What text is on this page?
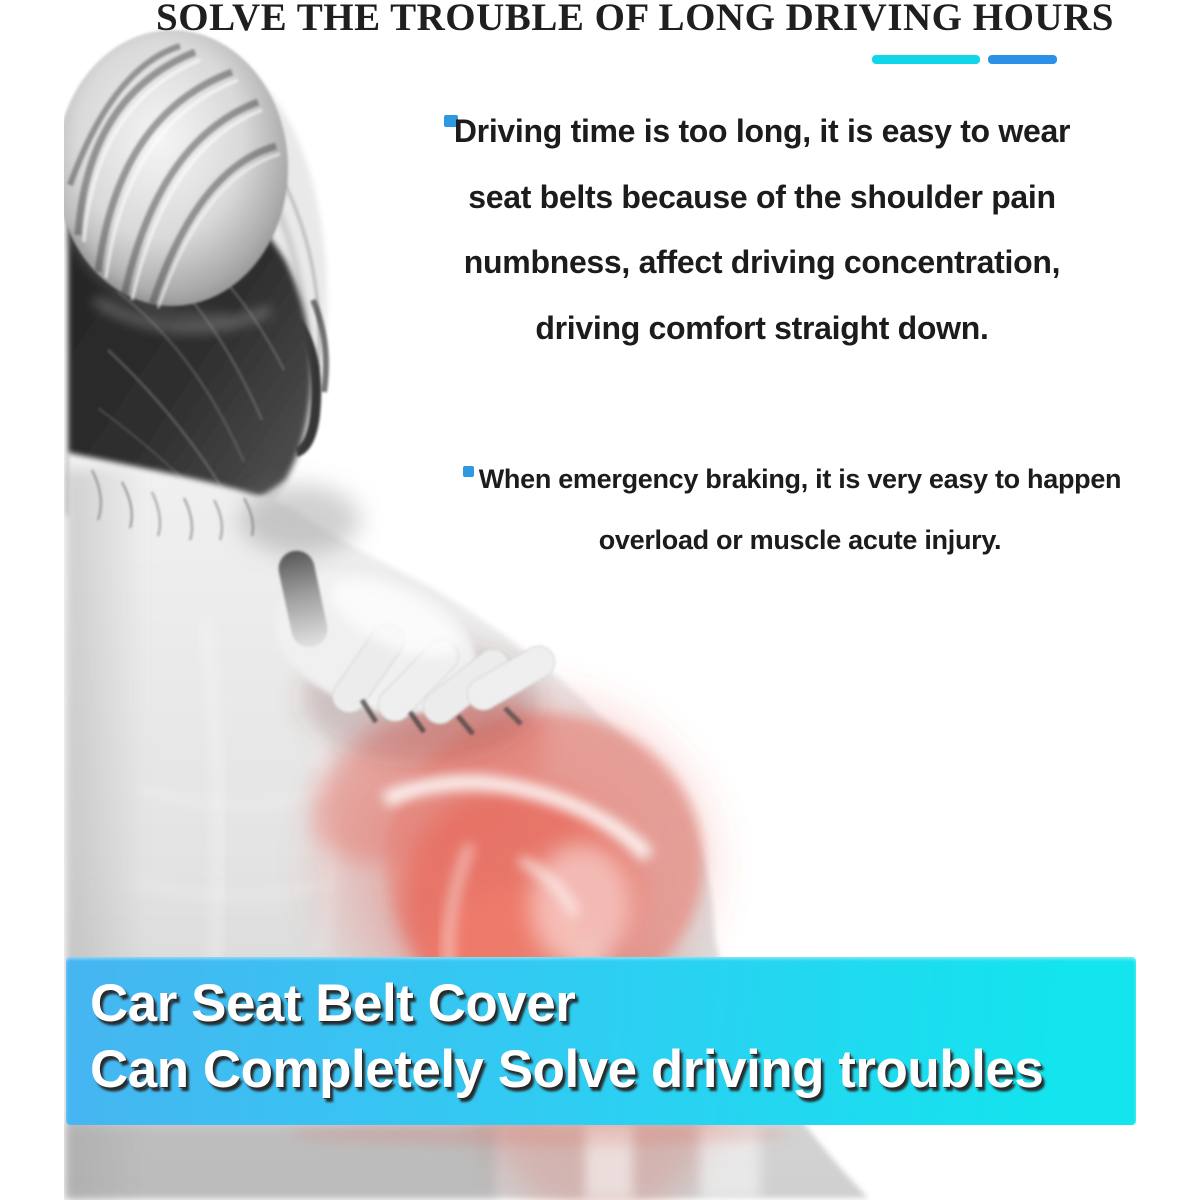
SOLVE THE TROUBLE OF LONG DRIVING HOURS
Driving time is too long, it is easy to wear
seat belts because of the shoulder pain
numbness, affect driving concentration,
driving comfort straight down.
When emergency braking, it is very easy to happen
overload or muscle acute injury.
Car Seat Belt Cover
Can Completely Solve driving troubles
